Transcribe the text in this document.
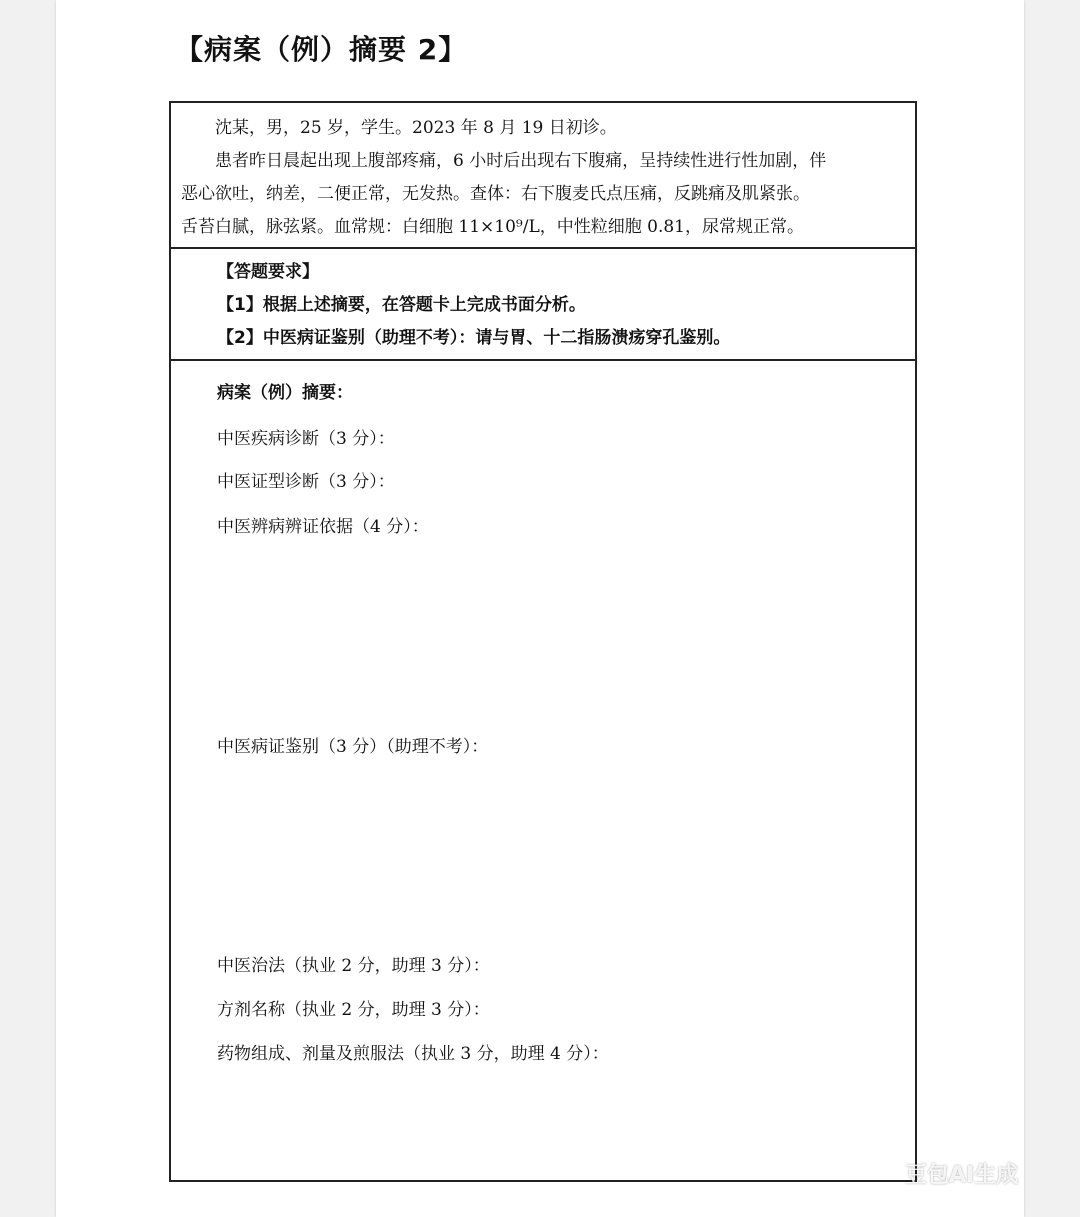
【病案（例）摘要 2】

沈某，男，25 岁，学生。2023 年 8 月 19 日初诊。

患者昨日晨起出现上腹部疼痛，6 小时后出现右下腹痛，呈持续性进行性加剧，伴

恶心欲吐，纳差，二便正常，无发热。查体：右下腹麦氏点压痛，反跳痛及肌紧张。

舌苔白腻，脉弦紧。血常规：白细胞 11×10⁹/L，中性粒细胞 0.81，尿常规正常。

【答题要求】

【1】根据上述摘要，在答题卡上完成书面分析。

【2】中医病证鉴别（助理不考）：请与胃、十二指肠溃疡穿孔鉴别。

病案（例）摘要：
中医疾病诊断（3 分）：
中医证型诊断（3 分）：
中医辨病辨证依据（4 分）：
中医病证鉴别（3 分）（助理不考）：
中医治法（执业 2 分，助理 3 分）：
方剂名称（执业 2 分，助理 3 分）：
药物组成、剂量及煎服法（执业 3 分，助理 4 分）：
豆包AI生成
